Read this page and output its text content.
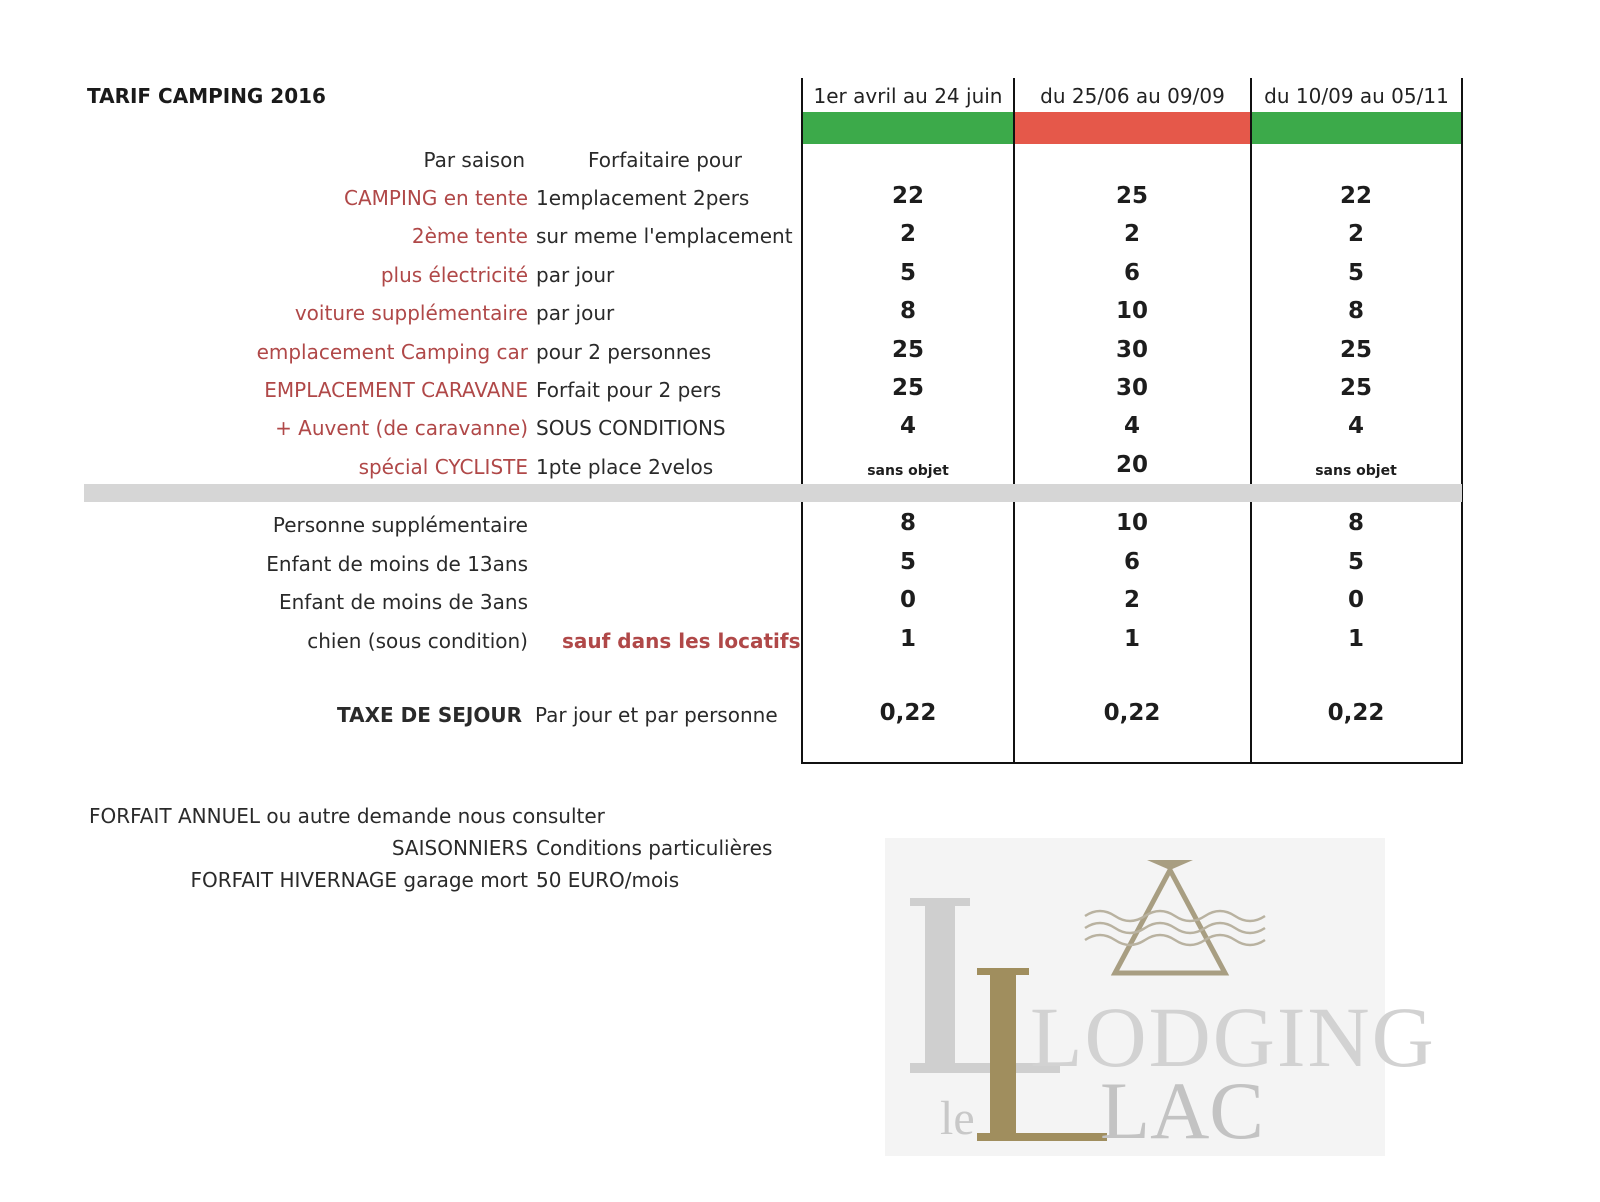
TARIF CAMPING 2016	1er avril au 24 juin	du 25/06 au 09/09	du 10/09 au 05/11
Par saison	Forfaitaire pour
CAMPING en tente 1emplacement 2pers	22	25	22
2ème tente sur meme l'emplacement	2	2	2
plus électricité par jour	5	6	5
voiture supplémentaire par jour	8	10	8
emplacement Camping car pour 2 personnes	25	30	25
EMPLACEMENT CARAVANE Forfait pour 2 pers	25	30	25
+ Auvent (de caravanne) SOUS CONDITIONS	4	4	4
spécial CYCLISTE 1pte place 2velos	sans objet	20	sans objet
Personne supplémentaire	8	10	8
Enfant de moins de 13ans	5	6	5
Enfant de moins de 3ans	0	2	0
chien (sous condition) sauf dans les locatifs	1	1	1
TAXE DE SEJOUR Par jour et par personne	0,22	0,22	0,22
FORFAIT ANNUEL ou autre demande nous consulter
SAISONNIERS Conditions particulières
FORFAIT HIVERNAGE garage mort 50 EURO/mois
LODGING
le LAC
